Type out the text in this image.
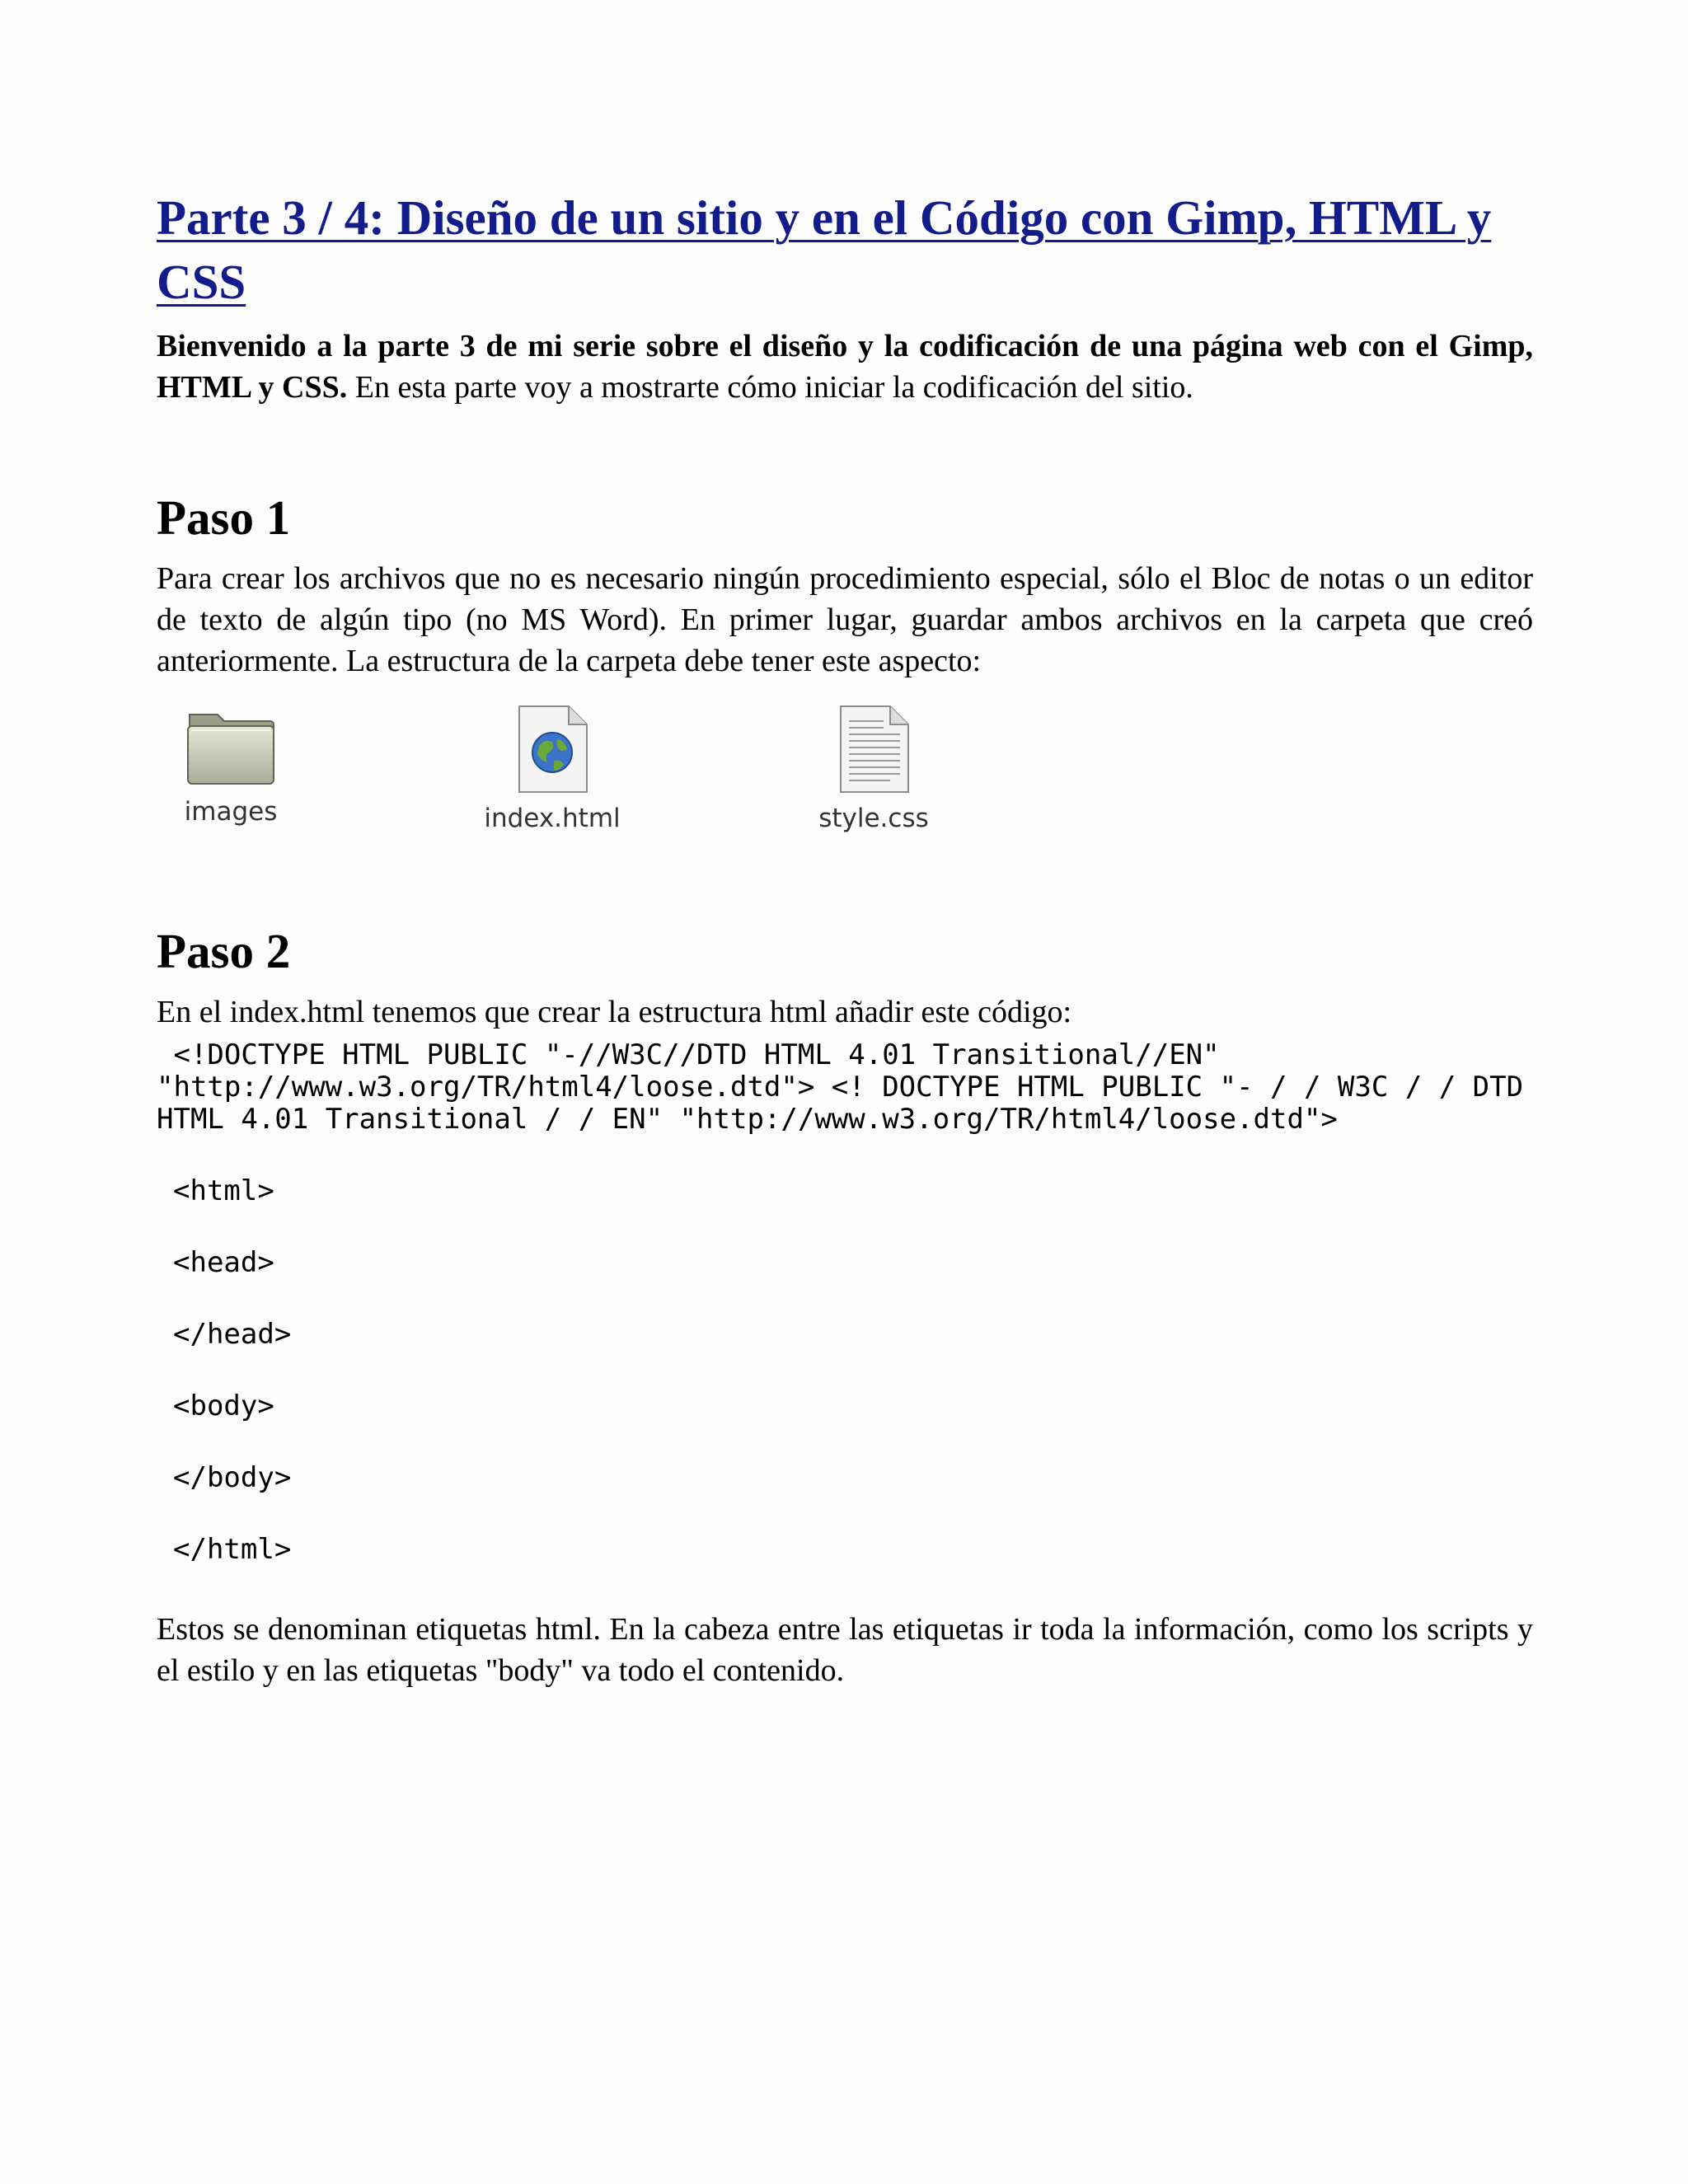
Parte 3 / 4: Diseño de un sitio y en el Código con Gimp, HTML y CSS

Bienvenido a la parte 3 de mi serie sobre el diseño y la codificación de una página web con el Gimp, HTML y CSS. En esta parte voy a mostrarte cómo iniciar la codificación del sitio.

Paso 1

Para crear los archivos que no es necesario ningún procedimiento especial, sólo el Bloc de notas o un editor de texto de algún tipo (no MS Word). En primer lugar, guardar ambos archivos en la carpeta que creó anteriormente. La estructura de la carpeta debe tener este aspecto:

images	index.html	style.css
Paso 2

En el index.html tenemos que crear la estructura html añadir este código:

<!DOCTYPE HTML PUBLIC "-//W3C//DTD HTML 4.01 Transitional//EN" "http://www.w3.org/TR/html4/loose.dtd"> <! DOCTYPE HTML PUBLIC "- / / W3C / / DTD HTML 4.01 Transitional / / EN" "http://www.w3.org/TR/html4/loose.dtd">

<html>

<head>

</head>

<body>

</body>

</html>

Estos se denominan etiquetas html. En la cabeza entre las etiquetas ir toda la información, como los scripts y el estilo y en las etiquetas "body" va todo el contenido.
